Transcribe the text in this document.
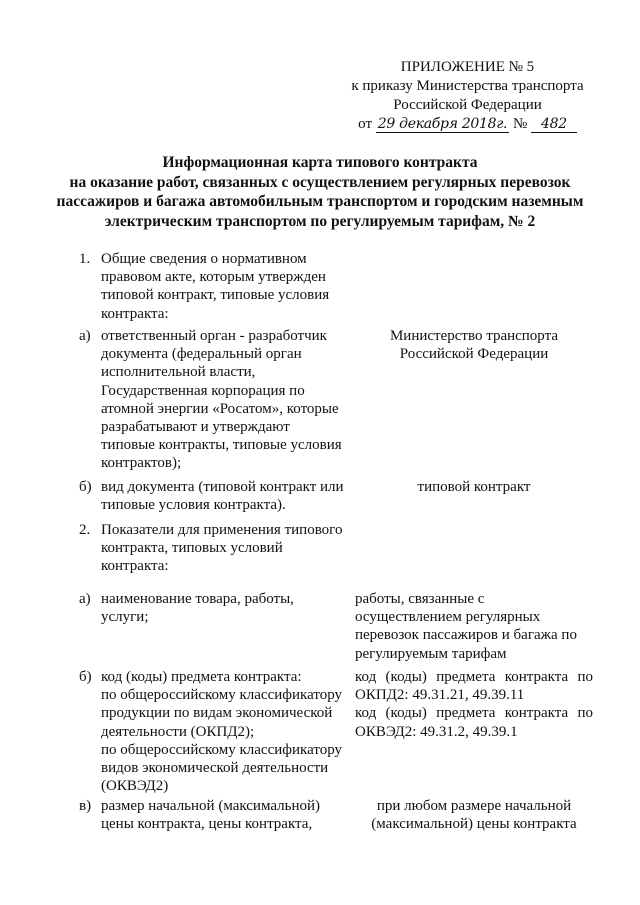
ПРИЛОЖЕНИЕ № 5
к приказу Министерства транспорта
Российской Федерации
от 29 декабря 2018г. № 482
Информационная карта типового контракта
на оказание работ, связанных с осуществлением регулярных перевозок
пассажиров и багажа автомобильным транспортом и городским наземным
электрическим транспортом по регулируемым тарифам, № 2
1. Общие сведения о нормативном
правовом акте, которым утвержден
типовой контракт, типовые условия
контракта:
а) ответственный орган - разработчик
документа (федеральный орган
исполнительной власти,
Государственная корпорация по
атомной энергии «Росатом», которые
разрабатывают и утверждают
типовые контракты, типовые условия
контрактов);
Министерство транспорта
Российской Федерации
б) вид документа (типовой контракт или
типовые условия контракта).
типовой контракт
2. Показатели для применения типового
контракта, типовых условий
контракта:
а) наименование товара, работы,
услуги;
работы, связанные с
осуществлением регулярных
перевозок пассажиров и багажа по
регулируемым тарифам
б) код (коды) предмета контракта:
по общероссийскому классификатору
продукции по видам экономической
деятельности (ОКПД2);
по общероссийскому классификатору
видов экономической деятельности
(ОКВЭД2)
код (коды) предмета контракта по
ОКПД2: 49.31.21, 49.39.11
код (коды) предмета контракта по
ОКВЭД2: 49.31.2, 49.39.1
в) размер начальной (максимальной)
цены контракта, цены контракта,
при любом размере начальной
(максимальной) цены контракта
